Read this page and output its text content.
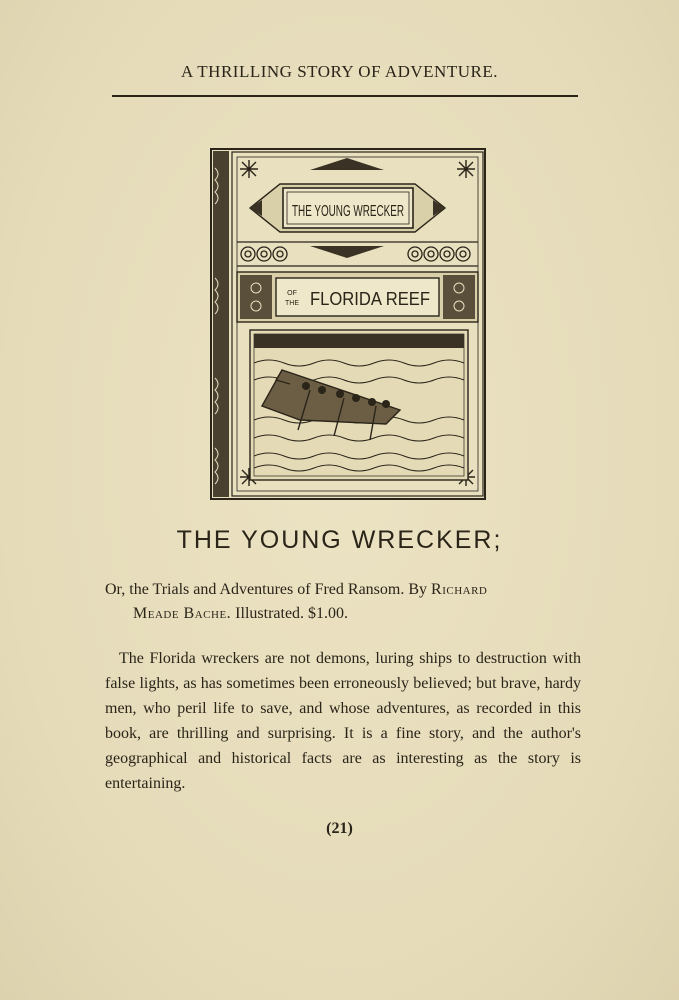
A THRILLING STORY OF ADVENTURE.
THE YOUNG WRECKER
OF
THE FLORIDA REEF
THE YOUNG WRECKER;
Or, the Trials and Adventures of Fred Ransom. By Richard
Meade Bache. Illustrated. $1.00.
The Florida wreckers are not demons, luring ships to destruction with false lights, as has sometimes been erroneously believed; but brave, hardy men, who peril life to save, and whose adventures, as recorded in this book, are thrilling and surprising. It is a fine story, and the author's geographical and historical facts are as interesting as the story is entertaining.
(21)
